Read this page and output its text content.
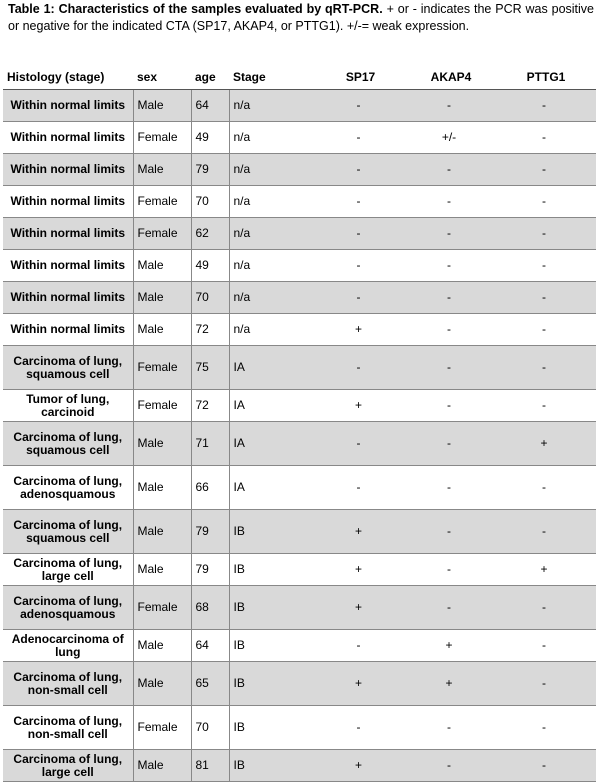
Table 1: Characteristics of the samples evaluated by qRT-PCR. + or - indicates the PCR was positive or negative for the indicated CTA (SP17, AKAP4, or PTTG1). +/-= weak expression.
Histology (stage)	sex	age	Stage	SP17	AKAP4	PTTG1
Within normal limits	Male	64	n/a	-	-	-
Within normal limits	Female	49	n/a	-	+/-	-
Within normal limits	Male	79	n/a	-	-	-
Within normal limits	Female	70	n/a	-	-	-
Within normal limits	Female	62	n/a	-	-	-
Within normal limits	Male	49	n/a	-	-	-
Within normal limits	Male	70	n/a	-	-	-
Within normal limits	Male	72	n/a	+	-	-
Carcinoma of lung, squamous cell	Female	75	IA	-	-	-
Tumor of lung, carcinoid	Female	72	IA	+	-	-
Carcinoma of lung, squamous cell	Male	71	IA	-	-	+
Carcinoma of lung, adenosquamous	Male	66	IA	-	-	-
Carcinoma of lung, squamous cell	Male	79	IB	+	-	-
Carcinoma of lung, large cell	Male	79	IB	+	-	+
Carcinoma of lung, adenosquamous	Female	68	IB	+	-	-
Adenocarcinoma of lung	Male	64	IB	-	+	-
Carcinoma of lung, non-small cell	Male	65	IB	+	+	-
Carcinoma of lung, non-small cell	Female	70	IB	-	-	-
Carcinoma of lung, large cell	Male	81	IB	+	-	-
